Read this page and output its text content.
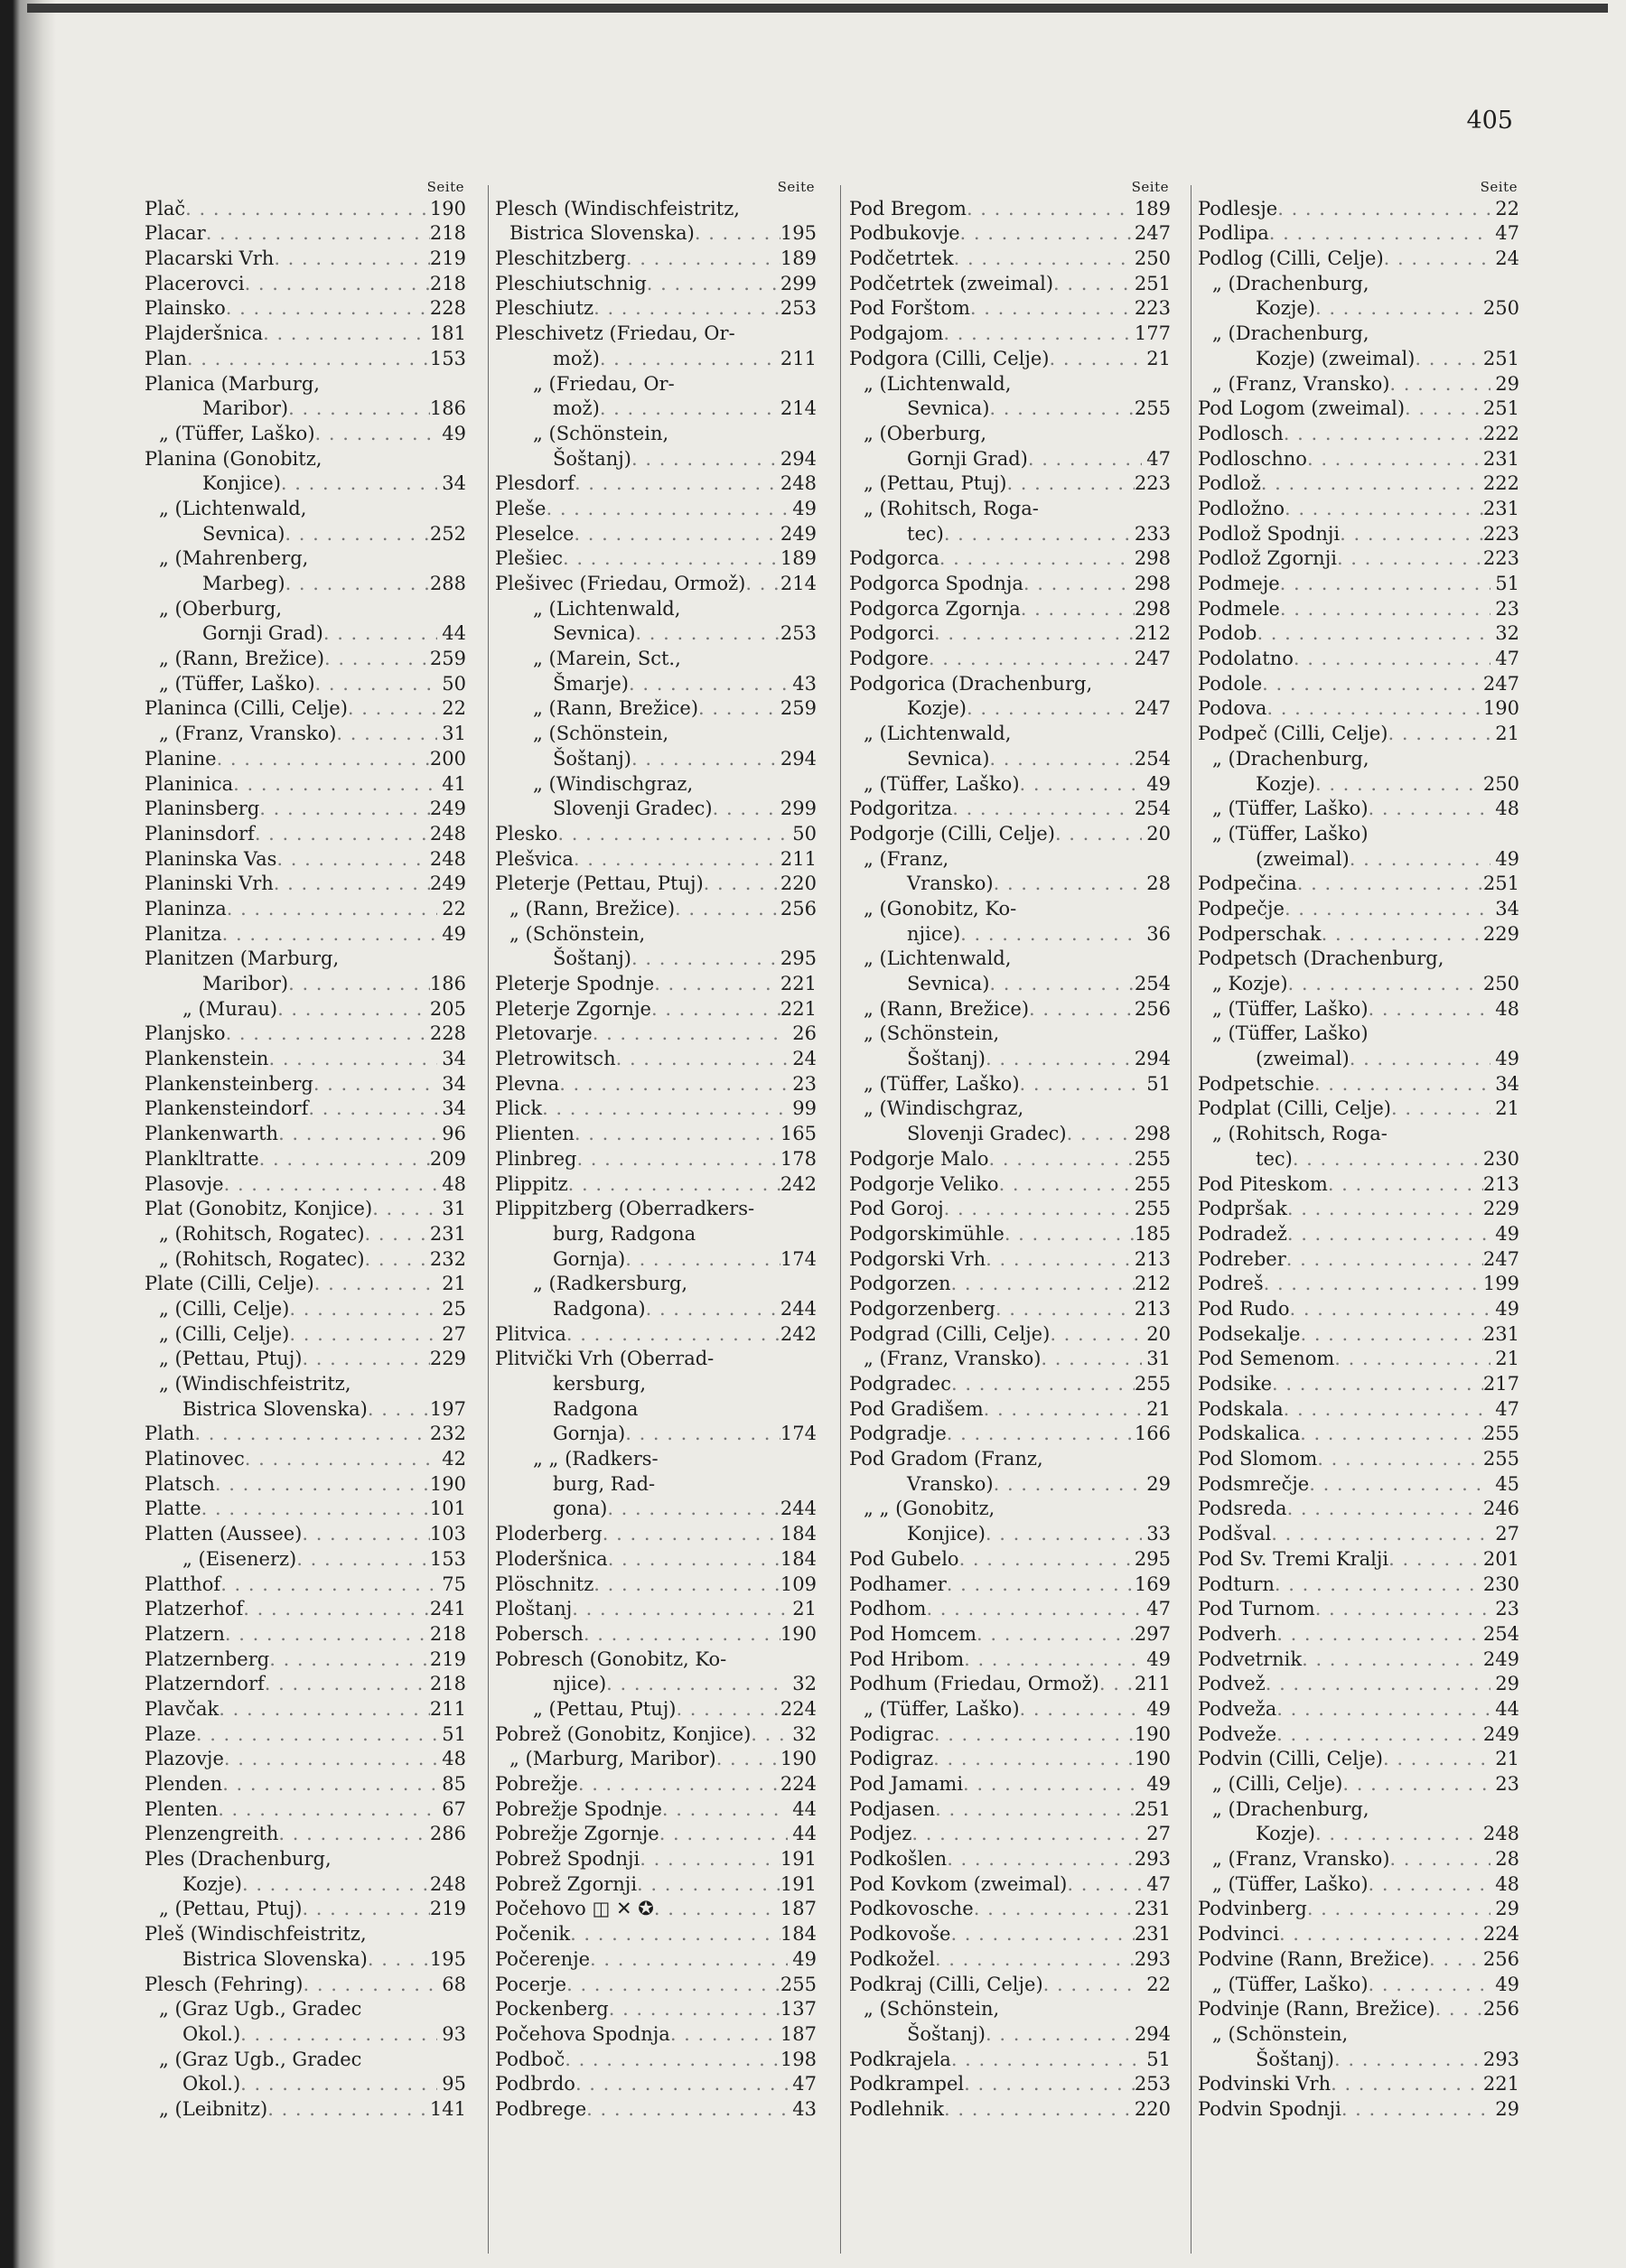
405
Seite
Plač . . .	190
Placar . . .	218
Placarski Vrh . . .	219
Placerovci . . .	218
Plainsko . . .	228
Plajderšnica . . .	181
Plan . . .	153
Planica (Marburg,
Maribor) . . .	186
„ (Tüffer, Laško) . . .	49
Planina (Gonobitz,
Konjice) . . .	34
„ (Lichtenwald,
Sevnica) . . .	252
„ (Mahrenberg,
Marbeg) . . .	288
„ (Oberburg,
Gornji Grad) . . .	44
„ (Rann, Brežice) . . .	259
„ (Tüffer, Laško) . . .	50
Planinca (Cilli, Celje) . . .	22
„ (Franz, Vransko) . . .	31
Planine . . .	200
Planinica . . .	41
Planinsberg . . .	249
Planinsdorf . . .	248
Planinska Vas . . .	248
Planinski Vrh . . .	249
Planinza . . .	22
Planitza . . .	49
Planitzen (Marburg,
Maribor) . . .	186
„ (Murau) . . .	205
Planjsko . . .	228
Plankenstein . . .	34
Plankensteinberg . . .	34
Plankensteindorf . . .	34
Plankenwarth . . .	96
Plankltratte . . .	209
Plasovje . . .	48
Plat (Gonobitz, Konjice) . . .	31
„ (Rohitsch, Rogatec) . . .	231
„ (Rohitsch, Rogatec) . . .	232
Plate (Cilli, Celje) . . .	21
„ (Cilli, Celje) . . .	25
„ (Cilli, Celje) . . .	27
„ (Pettau, Ptuj) . . .	229
„ (Windischfeistritz,
Bistrica Slovenska) . . .	197
Plath . . .	232
Platinovec . . .	42
Platsch . . .	190
Platte . . .	101
Platten (Aussee) . . .	103
„ (Eisenerz) . . .	153
Platthof . . .	75
Platzerhof . . .	241
Platzern . . .	218
Platzernberg . . .	219
Platzerndorf . . .	218
Plavčak . . .	211
Plaze . . .	51
Plazovje . . .	48
Plenden . . .	85
Plenten . . .	67
Plenzengreith . . .	286
Ples (Drachenburg,
Kozje) . . .	248
„ (Pettau, Ptuj) . . .	219
Pleš (Windischfeistritz,
Bistrica Slovenska) . . .	195
Plesch (Fehring) . . .	68
„ (Graz Ugb., Gradec
Okol.) . . .	93
„ (Graz Ugb., Gradec
Okol.) . . .	95
„ (Leibnitz) . . .	141
Seite
Plesch (Windischfeistritz,
Bistrica Slovenska) . . .	195
Pleschitzberg . . .	189
Pleschiutschnig . . .	299
Pleschiutz . . .	253
Pleschivetz (Friedau, Or-
mož) . . .	211
„ (Friedau, Or-
mož) . . .	214
„ (Schönstein,
Šoštanj) . . .	294
Plesdorf . . .	248
Pleše . . .	49
Pleselce . . .	249
Plešiec . . .	189
Plešivec (Friedau, Ormož) . . . 214
„ (Lichtenwald,
Sevnica) . . .	253
„ (Marein, Sct.,
Šmarje) . . .	43
„ (Rann, Brežice) . . .	259
„ (Schönstein,
Šoštanj) . . .	294
„ (Windischgraz,
Slovenji Gradec) . . .	299
Plesko . . .	50
Plešvica . . .	211
Pleterje (Pettau, Ptuj) . . .	220
„ (Rann, Brežice) . . .	256
„ (Schönstein,
Šoštanj) . . .	295
Pleterje Spodnje . . .	221
Pleterje Zgornje . . .	221
Pletovarje . . .	26
Pletrowitsch . . .	24
Plevna . . .	23
Plick . . .	99
Plienten . . .	165
Plinbreg . . .	178
Plippitz . . .	242
Plippitzberg (Oberradkers-
burg, Radgona
Gornja) . . .	174
„ (Radkersburg,
Radgona) . . .	244
Plitvica . . .	242
Plitvički Vrh (Oberrad-
kersburg,
Radgona
Gornja) . . .	174
„ „ (Radkers-
burg, Rad-
gona) . . .	244
Ploderberg . . .	184
Ploderšnica . . .	184
Plöschnitz . . .	109
Ploštanj . . .	21
Pobersch . . .	190
Pobresch (Gonobitz, Ko-
njice) . . .	32
„ (Pettau, Ptuj) . . .	224
Pobrež (Gonobitz, Konjice) . . . 32
„ (Marburg, Maribor) . . .	190
Pobrežje . . .	224
Pobrežje Spodnje . . .	44
Pobrežje Zgornje . . .	44
Pobrež Spodnji . . .	191
Pobrež Zgornji . . .	191
Počehovo ◫ ✕ ✪ . . .	187
Počenik . . .	184
Počerenje . . .	49
Pocerje . . .	255
Pockenberg . . .	137
Počehova Spodnja . . .	187
Podboč . . .	198
Podbrdo . . .	47
Podbrege . . .	43
Seite
Pod Bregom . . .	189
Podbukovje . . .	247
Podčetrtek . . .	250
Podčetrtek (zweimal) . . .	251
Pod Forštom . . .	223
Podgajom . . .	177
Podgora (Cilli, Celje) . . .	21
„ (Lichtenwald,
Sevnica) . . .	255
„ (Oberburg,
Gornji Grad) . . .	47
„ (Pettau, Ptuj) . . .	223
„ (Rohitsch, Roga-
tec) . . .	233
Podgorca . . .	298
Podgorca Spodnja . . .	298
Podgorca Zgornja . . .	298
Podgorci . . .	212
Podgore . . .	247
Podgorica (Drachenburg,
Kozje) . . .	247
„ (Lichtenwald,
Sevnica) . . .	254
„ (Tüffer, Laško) . . .	49
Podgoritza . . .	254
Podgorje (Cilli, Celje) . . .	20
„ (Franz,
Vransko) . . .	28
„ (Gonobitz, Ko-
njice) . . .	36
„ (Lichtenwald,
Sevnica) . . .	254
„ (Rann, Brežice) . . .	256
„ (Schönstein,
Šoštanj) . . .	294
„ (Tüffer, Laško) . . .	51
„ (Windischgraz,
Slovenji Gradec) . . .	298
Podgorje Malo . . .	255
Podgorje Veliko . . .	255
Pod Goroj . . .	255
Podgorskimühle . . .	185
Podgorski Vrh . . .	213
Podgorzen . . .	212
Podgorzenberg . . .	213
Podgrad (Cilli, Celje) . . .	20
„ (Franz, Vransko) . . .	31
Podgradec . . .	255
Pod Gradišem . . .	21
Podgradje . . .	166
Pod Gradom (Franz,
Vransko) . . .	29
„ „ (Gonobitz,
Konjice) . . .	33
Pod Gubelo . . .	295
Podhamer . . .	169
Podhom . . .	47
Pod Homcem . . .	297
Pod Hribom . . .	49
Podhum (Friedau, Ormož) . . . 211
„ (Tüffer, Laško) . . .	49
Podigrac . . .	190
Podigraz . . .	190
Pod Jamami . . .	49
Podjasen . . .	251
Podjez . . .	27
Podkošlen . . .	293
Pod Kovkom (zweimal) . . .	47
Podkovosche . . .	231
Podkovoše . . .	231
Podkožel . . .	293
Podkraj (Cilli, Celje) . . .	22
„ (Schönstein,
Šoštanj) . . .	294
Podkrajela . . .	51
Podkrampel . . .	253
Podlehnik . . .	220
Seite
Podlesje . . .	22
Podlipa . . .	47
Podlog (Cilli, Celje) . . .	24
„ (Drachenburg,
Kozje) . . .	250
„ (Drachenburg,
Kozje) (zweimal) . . .	251
„ (Franz, Vransko) . . .	29
Pod Logom (zweimal) . . .	251
Podlosch . . .	222
Podloschno . . .	231
Podlož . . .	222
Podložno . . .	231
Podlož Spodnji . . .	223
Podlož Zgornji . . .	223
Podmeje . . .	51
Podmele . . .	23
Podob . . .	32
Podolatno . . .	47
Podole . . .	247
Podova . . .	190
Podpeč (Cilli, Celje) . . .	21
„ (Drachenburg,
Kozje) . . .	250
„ (Tüffer, Laško) . . .	48
„ (Tüffer, Laško)
(zweimal) . . .	49
Podpečina . . .	251
Podpečje . . .	34
Podperschak . . .	229
Podpetsch (Drachenburg,
„ Kozje) . . .	250
„ (Tüffer, Laško) . . .	48
„ (Tüffer, Laško)
(zweimal) . . .	49
Podpetschie . . .	34
Podplat (Cilli, Celje) . . .	21
„ (Rohitsch, Roga-
tec) . . .	230
Pod Piteskom . . .	213
Podpršak . . .	229
Podradež . . .	49
Podreber . . .	247
Podreš . . .	199
Pod Rudo . . .	49
Podsekalje . . .	231
Pod Semenom . . .	21
Podsike . . .	217
Podskala . . .	47
Podskalica . . .	255
Pod Slomom . . .	255
Podsmrečje . . .	45
Podsreda . . .	246
Podšval . . .	27
Pod Sv. Tremi Kralji . . .	201
Podturn . . .	230
Pod Turnom . . .	23
Podverh . . .	254
Podvetrnik . . .	249
Podvež . . .	29
Podveža . . .	44
Podveže . . .	249
Podvin (Cilli, Celje) . . .	21
„ (Cilli, Celje) . . .	23
„ (Drachenburg,
Kozje) . . .	248
„ (Franz, Vransko) . . .	28
„ (Tüffer, Laško) . . .	48
Podvinberg . . .	29
Podvinci . . .	224
Podvine (Rann, Brežice) . . .	256
„ (Tüffer, Laško) . . .	49
Podvinje (Rann, Brežice) . . .	256
„ (Schönstein,
Šoštanj) . . .	293
Podvinski Vrh . . .	221
Podvin Spodnji . . .	29
